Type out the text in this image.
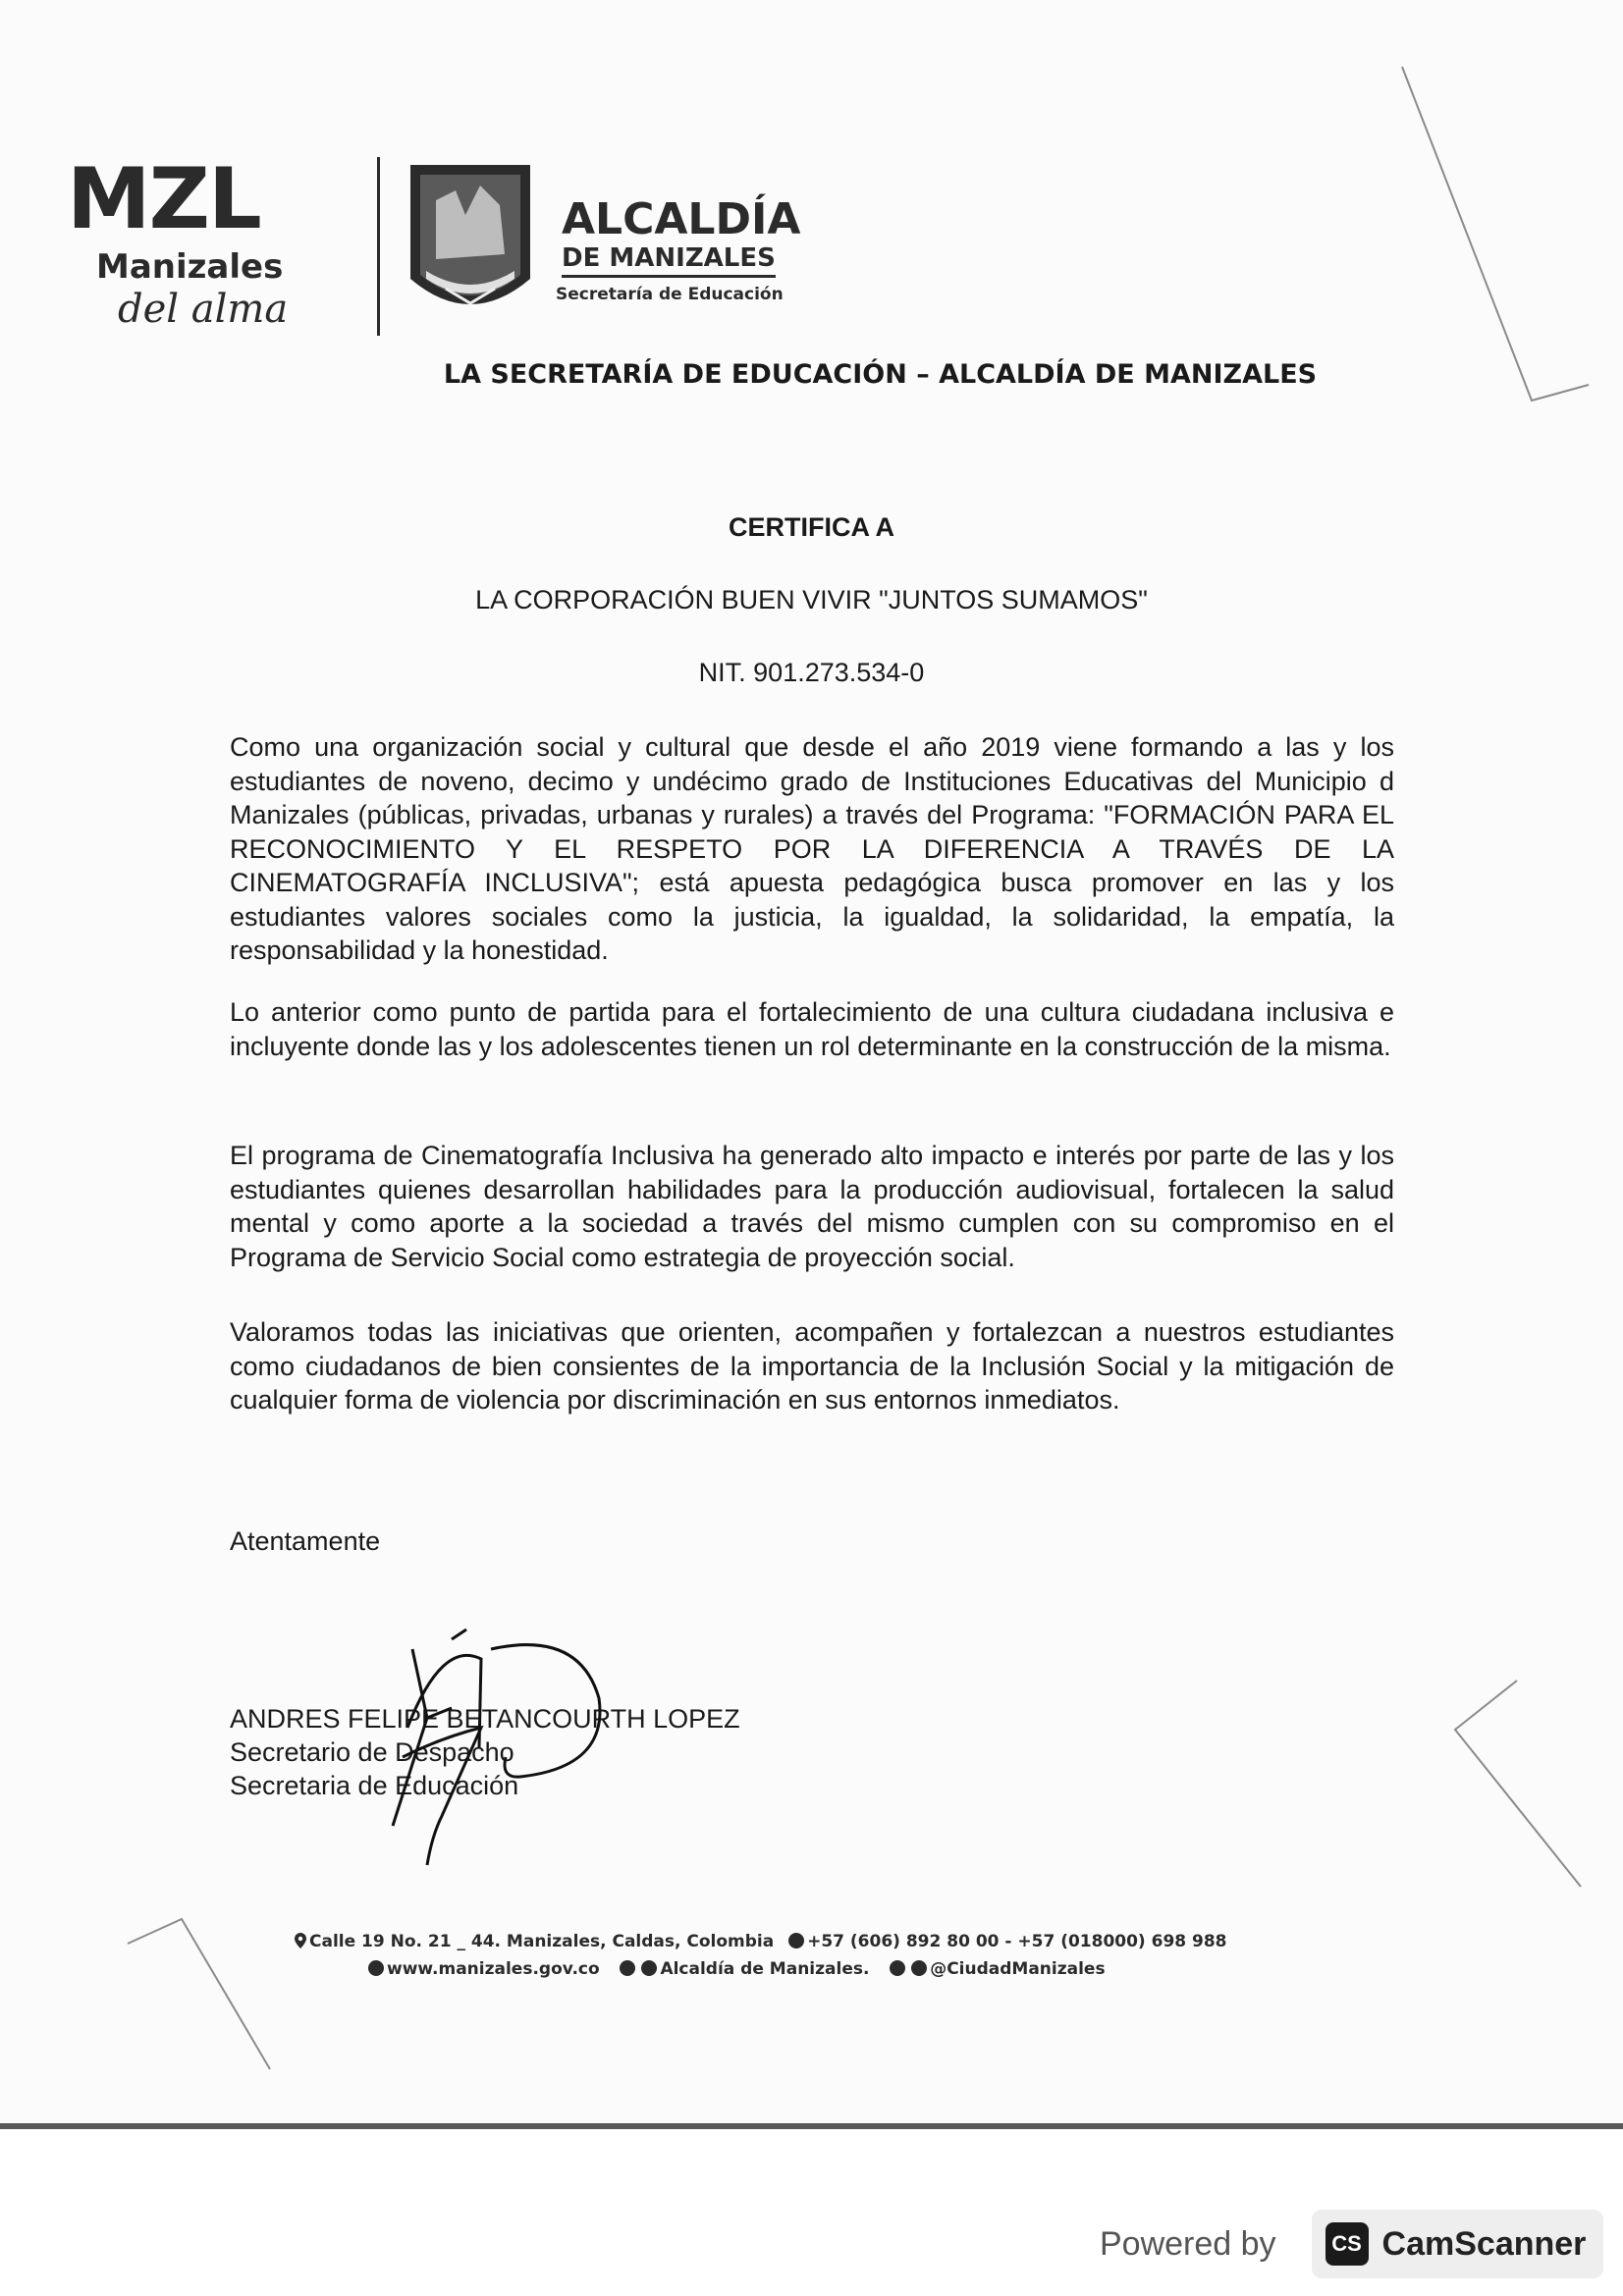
MZL
Manizales
del alma
ALCALDÍA
DE MANIZALES
Secretaría de Educación
LA SECRETARÍA DE EDUCACIÓN – ALCALDÍA DE MANIZALES
CERTIFICA A
LA CORPORACIÓN BUEN VIVIR "JUNTOS SUMAMOS"
NIT. 901.273.534-0
Como una organización social y cultural que desde el año 2019 viene formando a las y los estudiantes de noveno, decimo y undécimo grado de Instituciones Educativas del Municipio d Manizales (públicas, privadas, urbanas y rurales) a través del Programa: "FORMACIÓN PARA EL RECONOCIMIENTO Y EL RESPETO POR LA DIFERENCIA A TRAVÉS DE LA CINEMATOGRAFÍA INCLUSIVA"; está apuesta pedagógica busca promover en las y los estudiantes valores sociales como la justicia, la igualdad, la solidaridad, la empatía, la responsabilidad y la honestidad.
Lo anterior como punto de partida para el fortalecimiento de una cultura ciudadana inclusiva e incluyente donde las y los adolescentes tienen un rol determinante en la construcción de la misma.
El programa de Cinematografía Inclusiva ha generado alto impacto e interés por parte de las y los estudiantes quienes desarrollan habilidades para la producción audiovisual, fortalecen la salud mental y como aporte a la sociedad a través del mismo cumplen con su compromiso en el Programa de Servicio Social como estrategia de proyección social.
Valoramos todas las iniciativas que orienten, acompañen y fortalezcan a nuestros estudiantes como ciudadanos de bien consientes de la importancia de la Inclusión Social y la mitigación de cualquier forma de violencia por discriminación en sus entornos inmediatos.
Atentamente
ANDRES FELIPE BETANCOURTH LOPEZ
Secretario de Despacho
Secretaria de Educación
Calle 19 No. 21 _ 44. Manizales, Caldas, Colombia +57 (606) 892 80 00 - +57 (018000) 698 988
www.manizales.gov.co	Alcaldía de Manizales.	@CiudadManizales
Powered by	CS CamScanner
